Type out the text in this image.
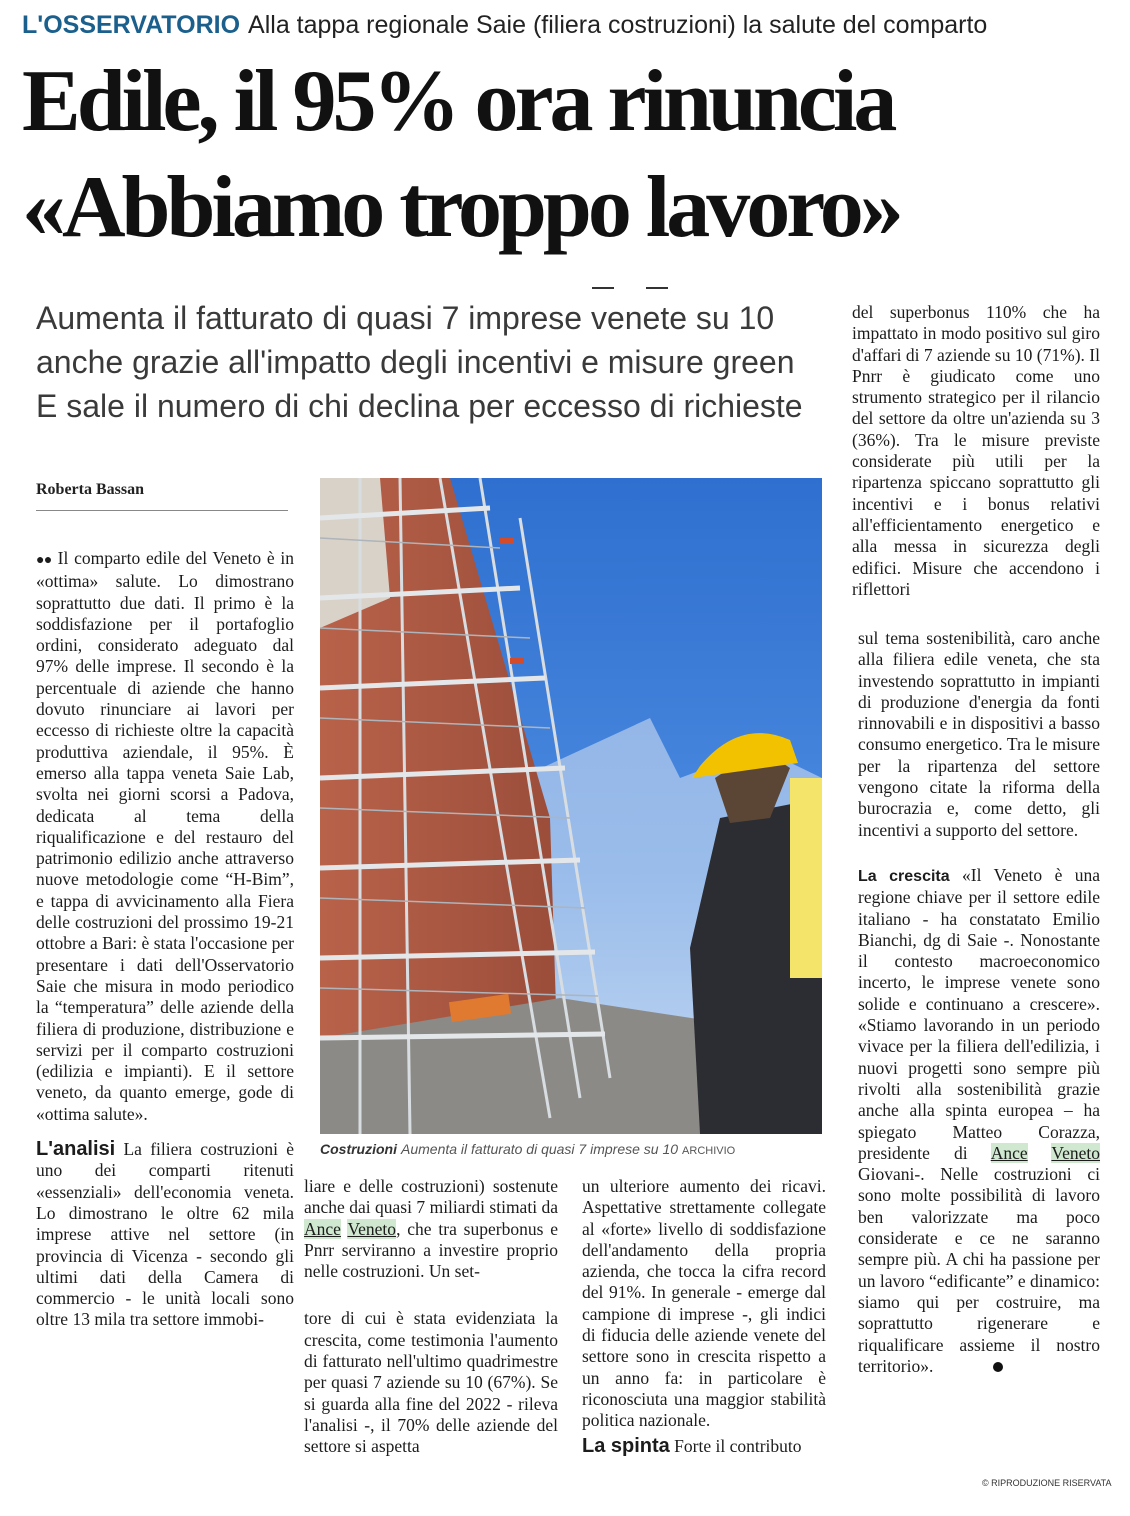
L'OSSERVATORIO Alla tappa regionale Saie (filiera costruzioni) la salute del comparto
Edile, il 95% ora rinuncia
«Abbiamo troppo lavoro»
Aumenta il fatturato di quasi 7 imprese venete su 10
anche grazie all'impatto degli incentivi e misure green
E sale il numero di chi declina per eccesso di richieste
Roberta Bassan

●● Il comparto edile del Veneto è in «ottima» salute. Lo dimostrano soprattutto due dati. Il primo è la soddisfazione per il portafoglio ordini, considerato adeguato dal 97% delle imprese. Il secondo è la percentuale di aziende che hanno dovuto rinunciare ai lavori per eccesso di richieste oltre la capacità produttiva aziendale, il 95%. È emerso alla tappa veneta Saie Lab, svolta nei giorni scorsi a Padova, dedicata al tema della riqualificazione e del restauro del patrimonio edilizio anche attraverso nuove metodologie come “H-Bim”, e tappa di avvicinamento alla Fiera delle costruzioni del prossimo 19-21 ottobre a Bari: è stata l'occasione per presentare i dati dell'Osservatorio Saie che misura in modo periodico la “temperatura” delle aziende della filiera di produzione, distribuzione e servizi per il comparto costruzioni (edilizia e impianti). E il settore veneto, da quanto emerge, gode di «ottima salute».

L'analisi La filiera costruzioni è uno dei comparti ritenuti «essenziali» dell'economia veneta. Lo dimostrano le oltre 62 mila imprese attive nel settore (in provincia di Vicenza - secondo gli ultimi dati della Camera di commercio - le unità locali sono oltre 13 mila tra settore immobi-

Costruzioni Aumenta il fatturato di quasi 7 imprese su 10 ARCHIVIO

liare e delle costruzioni) sostenute anche dai quasi 7 miliardi stimati da Ance Veneto, che tra superbonus e Pnrr serviranno a investire proprio nelle costruzioni. Un set-

tore di cui è stata evidenziata la crescita, come testimonia l'aumento di fatturato nell'ultimo quadrimestre per quasi 7 aziende su 10 (67%). Se si guarda alla fine del 2022 - rileva l'analisi -, il 70% delle aziende del settore si aspetta

un ulteriore aumento dei ricavi. Aspettative strettamente collegate al «forte» livello di soddisfazione dell'andamento della propria azienda, che tocca la cifra record del 91%. In generale - emerge dal campione di imprese -, gli indici di fiducia delle aziende venete del settore sono in crescita rispetto a un anno fa: in particolare è riconosciuta una maggior stabilità politica nazionale.

La spinta Forte il contributo

del superbonus 110% che ha impattato in modo positivo sul giro d'affari di 7 aziende su 10 (71%). Il Pnrr è giudicato come uno strumento strategico per il rilancio del settore da oltre un'azienda su 3 (36%). Tra le misure previste considerate più utili per la ripartenza spiccano soprattutto gli incentivi e i bonus relativi all'efficientamento energetico e alla messa in sicurezza degli edifici. Misure che accendono i riflettori

sul tema sostenibilità, caro anche alla filiera edile veneta, che sta investendo soprattutto in impianti di produzione d'energia da fonti rinnovabili e in dispositivi a basso consumo energetico. Tra le misure per la ripartenza del settore vengono citate la riforma della burocrazia e, come detto, gli incentivi a supporto del settore.

La crescita «Il Veneto è una regione chiave per il settore edile italiano - ha constatato Emilio Bianchi, dg di Saie -. Nonostante il contesto macroeconomico incerto, le imprese venete sono solide e continuano a crescere». «Stiamo lavorando in un periodo vivace per la filiera dell'edilizia, i nuovi progetti sono sempre più rivolti alla sostenibilità grazie anche alla spinta europea – ha spiegato Matteo Corazza, presidente di Ance Veneto Giovani-. Nelle costruzioni ci sono molte possibilità di lavoro ben valorizzate ma poco considerate e ce ne saranno sempre più. A chi ha passione per un lavoro “edificante” e dinamico: siamo qui per costruire, ma soprattutto rigenerare e riqualificare assieme il nostro territorio».

© RIPRODUZIONE RISERVATA
